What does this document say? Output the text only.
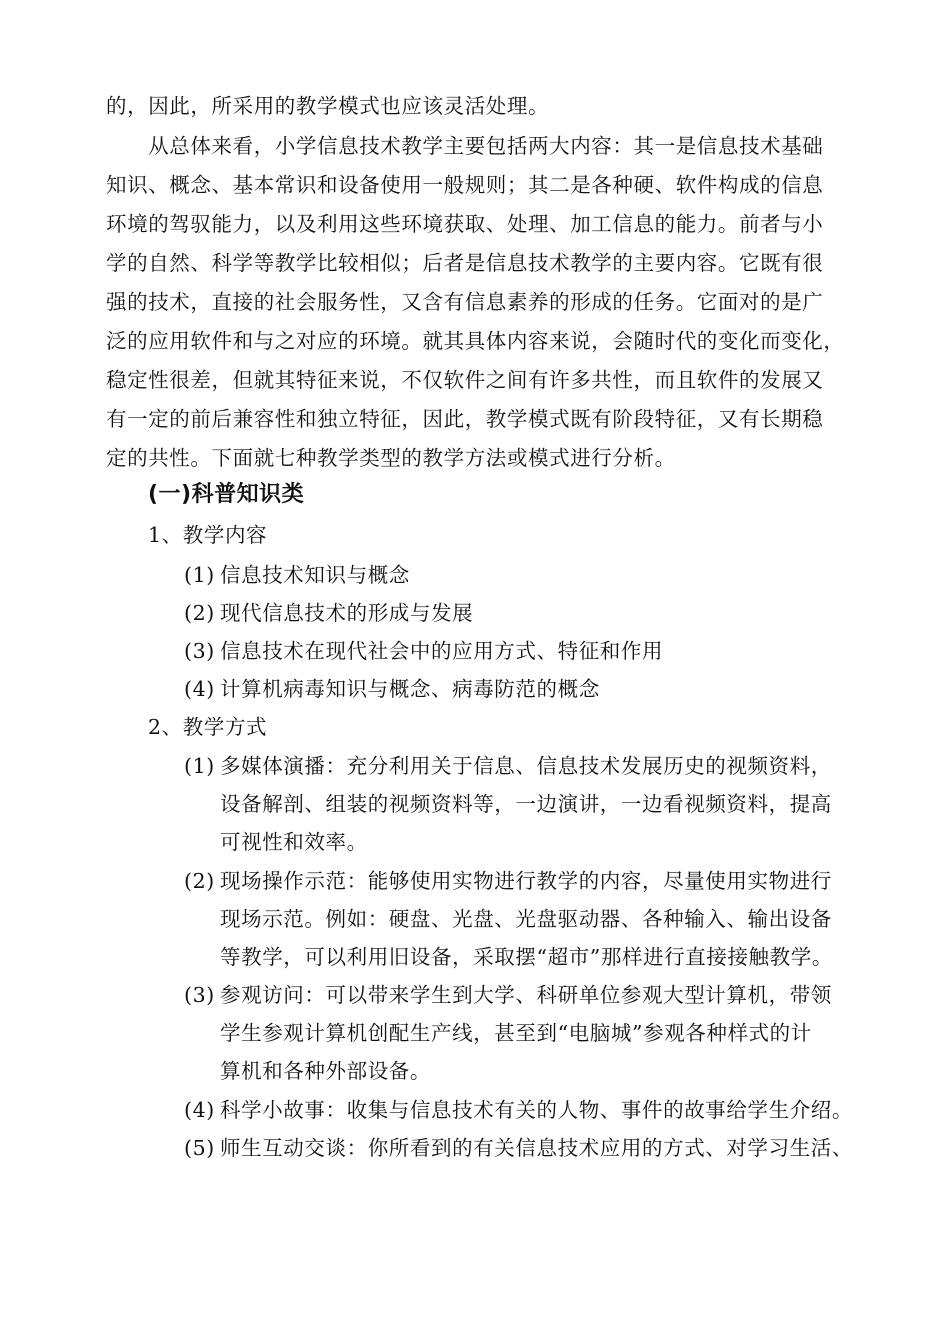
的，因此，所采用的教学模式也应该灵活处理。
　　从总体来看，小学信息技术教学主要包括两大内容：其一是信息技术基础
知识、概念、基本常识和设备使用一般规则；其二是各种硬、软件构成的信息
环境的驾驭能力，以及利用这些环境获取、处理、加工信息的能力。前者与小
学的自然、科学等教学比较相似；后者是信息技术教学的主要内容。它既有很
强的技术，直接的社会服务性，又含有信息素养的形成的任务。它面对的是广
泛的应用软件和与之对应的环境。就其具体内容来说，会随时代的变化而变化，
稳定性很差，但就其特征来说，不仅软件之间有许多共性，而且软件的发展又
有一定的前后兼容性和独立特征，因此，教学模式既有阶段特征，又有长期稳
定的共性。下面就七种教学类型的教学方法或模式进行分析。
(一)科普知识类
1、教学内容
(1) 信息技术知识与概念
(2) 现代信息技术的形成与发展
(3) 信息技术在现代社会中的应用方式、特征和作用
(4) 计算机病毒知识与概念、病毒防范的概念
2、教学方式
(1) 多媒体演播：充分利用关于信息、信息技术发展历史的视频资料，
设备解剖、组装的视频资料等，一边演讲，一边看视频资料，提高
可视性和效率。
(2) 现场操作示范：能够使用实物进行教学的内容，尽量使用实物进行
现场示范。例如：硬盘、光盘、光盘驱动器、各种输入、输出设备
等教学，可以利用旧设备，采取摆“超市”那样进行直接接触教学。
(3) 参观访问：可以带来学生到大学、科研单位参观大型计算机，带领
学生参观计算机创配生产线，甚至到“电脑城”参观各种样式的计
算机和各种外部设备。
(4) 科学小故事：收集与信息技术有关的人物、事件的故事给学生介绍。
(5) 师生互动交谈：你所看到的有关信息技术应用的方式、对学习生活、
